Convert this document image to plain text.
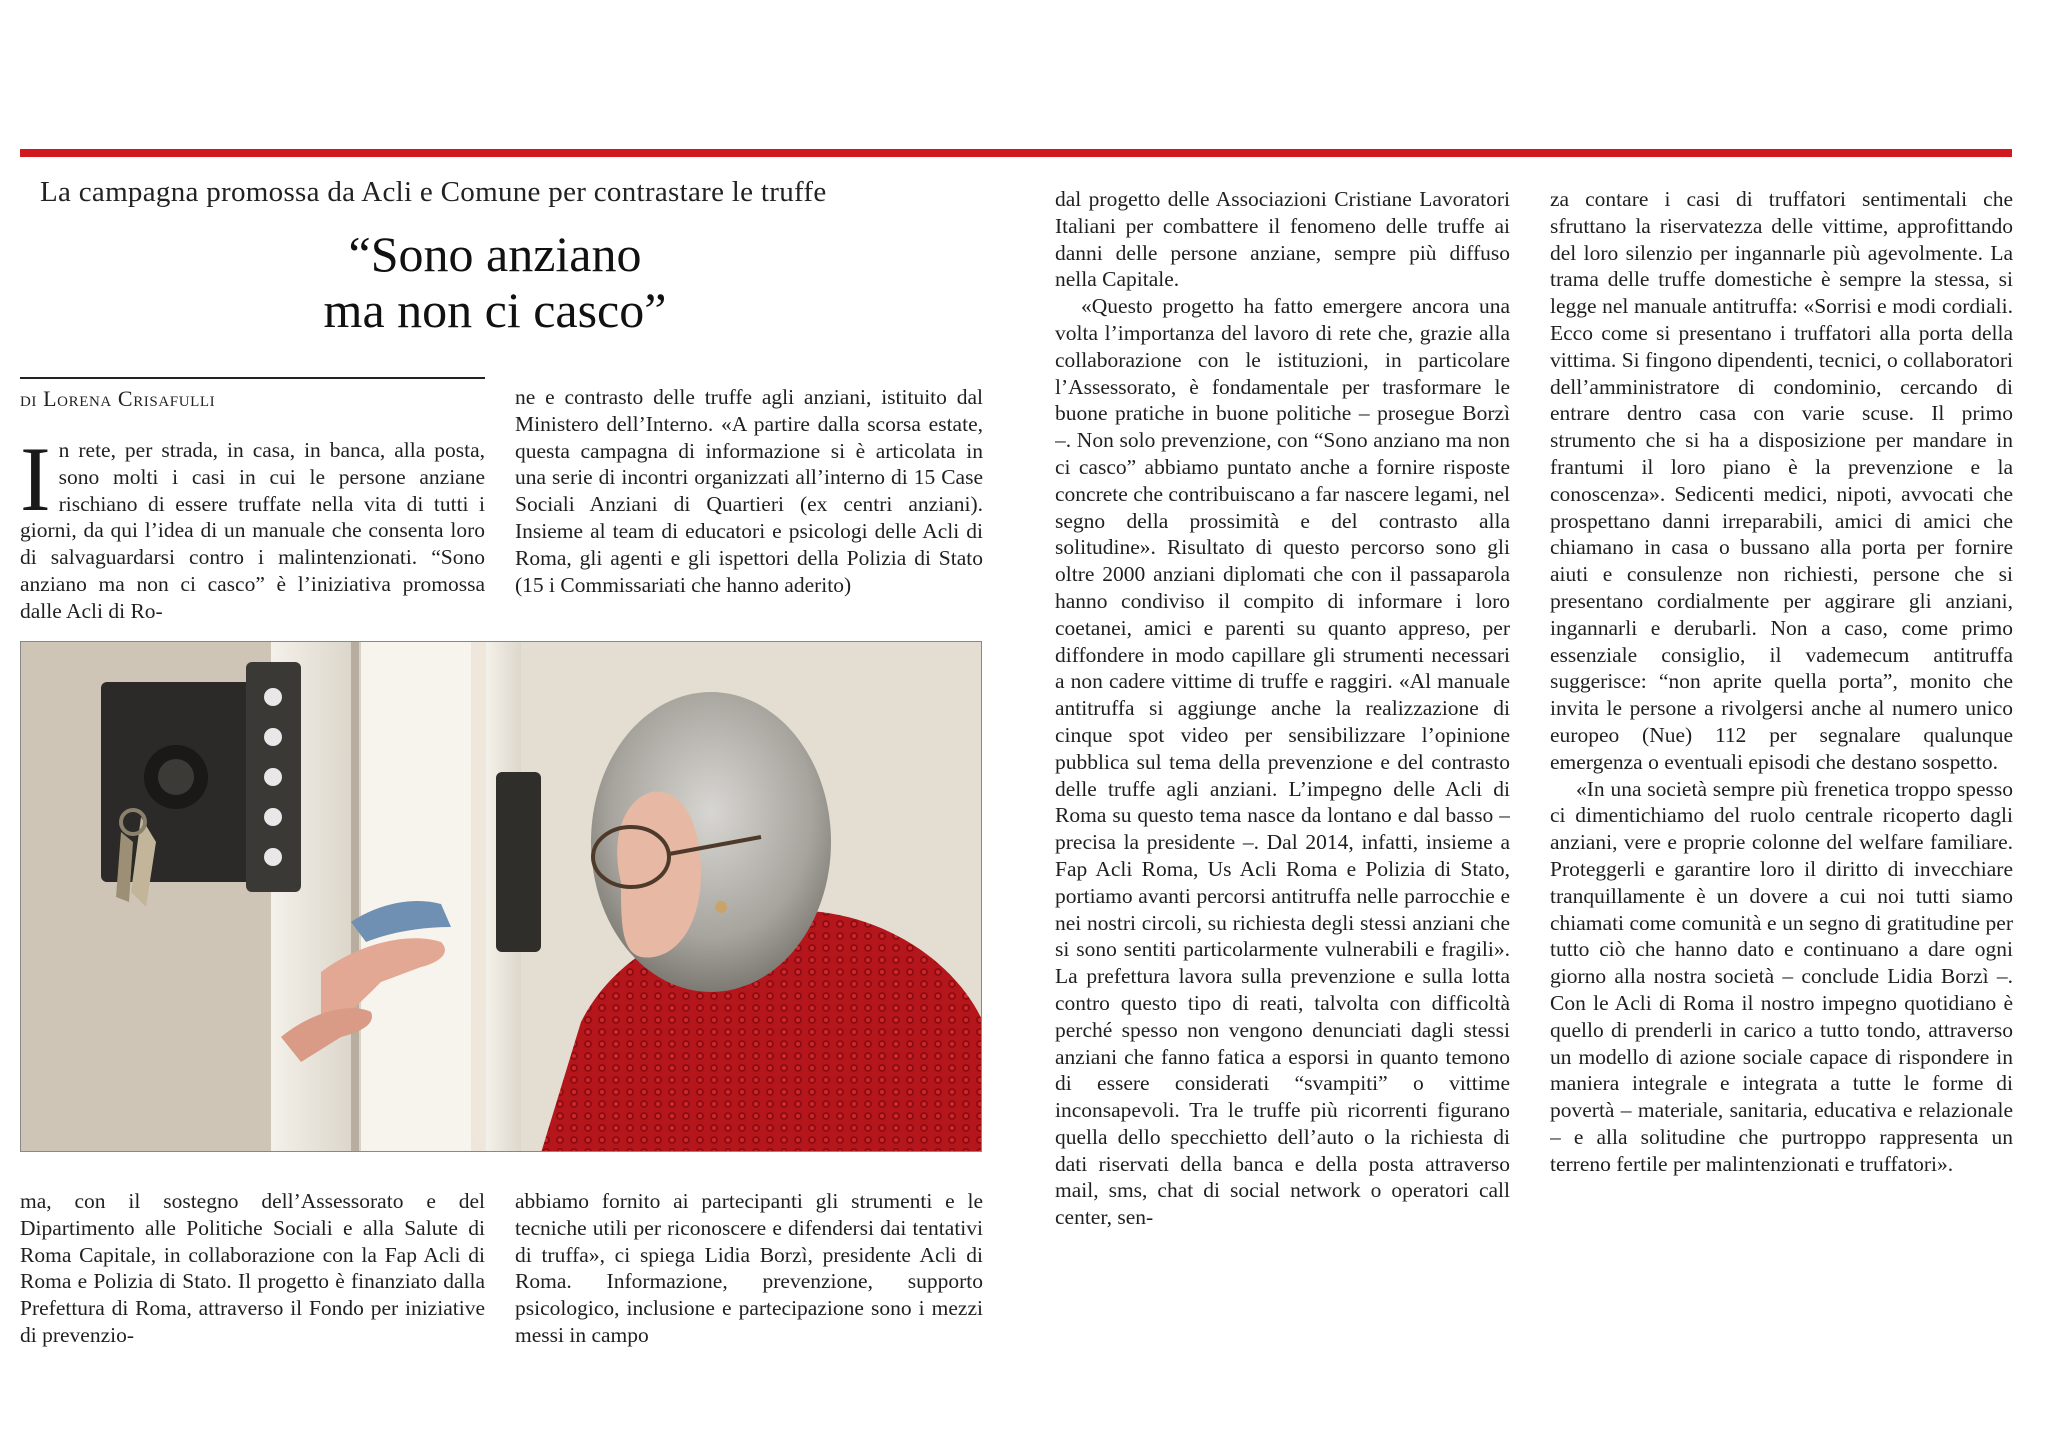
La campagna promossa da Acli e Comune per contrastare le truffe
“Sono anziano
ma non ci casco”
di Lorena Crisafulli

In rete, per strada, in casa, in banca, alla posta, sono molti i casi in cui le persone anziane rischiano di essere truffate nella vita di tutti i giorni, da qui l’idea di un manuale che consenta loro di salvaguardarsi contro i malintenzionati. “Sono anziano ma non ci casco” è l’iniziativa promossa dalle Acli di Ro-

ne e contrasto delle truffe agli anziani, istituito dal Ministero dell’Interno. «A partire dalla scorsa estate, questa campagna di informazione si è articolata in una serie di incontri organizzati all’interno di 15 Case Sociali Anziani di Quartieri (ex centri anziani). Insieme al team di educatori e psicologi delle Acli di Roma, gli agenti e gli ispettori della Polizia di Stato (15 i Commissariati che hanno aderito)

ma, con il sostegno dell’Assessorato e del Dipartimento alle Politiche Sociali e alla Salute di Roma Capitale, in collaborazione con la Fap Acli di Roma e Polizia di Stato. Il progetto è finanziato dalla Prefettura di Roma, attraverso il Fondo per iniziative di prevenzio-

abbiamo fornito ai partecipanti gli strumenti e le tecniche utili per riconoscere e difendersi dai tentativi di truffa», ci spiega Lidia Borzì, presidente Acli di Roma. Informazione, prevenzione, supporto psicologico, inclusione e partecipazione sono i mezzi messi in campo

dal progetto delle Associazioni Cristiane Lavoratori Italiani per combattere il fenomeno delle truffe ai danni delle persone anziane, sempre più diffuso nella Capitale.

«Questo progetto ha fatto emergere ancora una volta l’importanza del lavoro di rete che, grazie alla collaborazione con le istituzioni, in particolare l’Assessorato, è fondamentale per trasformare le buone pratiche in buone politiche – prosegue Borzì –. Non solo prevenzione, con “Sono anziano ma non ci casco” abbiamo puntato anche a fornire risposte concrete che contribuiscano a far nascere legami, nel segno della prossimità e del contrasto alla solitudine». Risultato di questo percorso sono gli oltre 2000 anziani diplomati che con il passaparola hanno condiviso il compito di informare i loro coetanei, amici e parenti su quanto appreso, per diffondere in modo capillare gli strumenti necessari a non cadere vittime di truffe e raggiri. «Al manuale antitruffa si aggiunge anche la realizzazione di cinque spot video per sensibilizzare l’opinione pubblica sul tema della prevenzione e del contrasto delle truffe agli anziani. L’impegno delle Acli di Roma su questo tema nasce da lontano e dal basso – precisa la presidente –. Dal 2014, infatti, insieme a Fap Acli Roma, Us Acli Roma e Polizia di Stato, portiamo avanti percorsi antitruffa nelle parrocchie e nei nostri circoli, su richiesta degli stessi anziani che si sono sentiti particolarmente vulnerabili e fragili». La prefettura lavora sulla prevenzione e sulla lotta contro questo tipo di reati, talvolta con difficoltà perché spesso non vengono denunciati dagli stessi anziani che fanno fatica a esporsi in quanto temono di essere considerati “svampiti” o vittime inconsapevoli. Tra le truffe più ricorrenti figurano quella dello specchietto dell’auto o la richiesta di dati riservati della banca e della posta attraverso mail, sms, chat di social network o operatori call center, sen-

za contare i casi di truffatori sentimentali che sfruttano la riservatezza delle vittime, approfittando del loro silenzio per ingannarle più agevolmente. La trama delle truffe domestiche è sempre la stessa, si legge nel manuale antitruffa: «Sorrisi e modi cordiali. Ecco come si presentano i truffatori alla porta della vittima. Si fingono dipendenti, tecnici, o collaboratori dell’amministratore di condominio, cercando di entrare dentro casa con varie scuse. Il primo strumento che si ha a disposizione per mandare in frantumi il loro piano è la prevenzione e la conoscenza». Sedicenti medici, nipoti, avvocati che prospettano danni irreparabili, amici di amici che chiamano in casa o bussano alla porta per fornire aiuti e consulenze non richiesti, persone che si presentano cordialmente per aggirare gli anziani, ingannarli e derubarli. Non a caso, come primo essenziale consiglio, il vademecum antitruffa suggerisce: “non aprite quella porta”, monito che invita le persone a rivolgersi anche al numero unico europeo (Nue) 112 per segnalare qualunque emergenza o eventuali episodi che destano sospetto.

«In una società sempre più frenetica troppo spesso ci dimentichiamo del ruolo centrale ricoperto dagli anziani, vere e proprie colonne del welfare familiare. Proteggerli e garantire loro il diritto di invecchiare tranquillamente è un dovere a cui noi tutti siamo chiamati come comunità e un segno di gratitudine per tutto ciò che hanno dato e continuano a dare ogni giorno alla nostra società – conclude Lidia Borzì –. Con le Acli di Roma il nostro impegno quotidiano è quello di prenderli in carico a tutto tondo, attraverso un modello di azione sociale capace di rispondere in maniera integrale e integrata a tutte le forme di povertà – materiale, sanitaria, educativa e relazionale – e alla solitudine che purtroppo rappresenta un terreno fertile per malintenzionati e truffatori».
